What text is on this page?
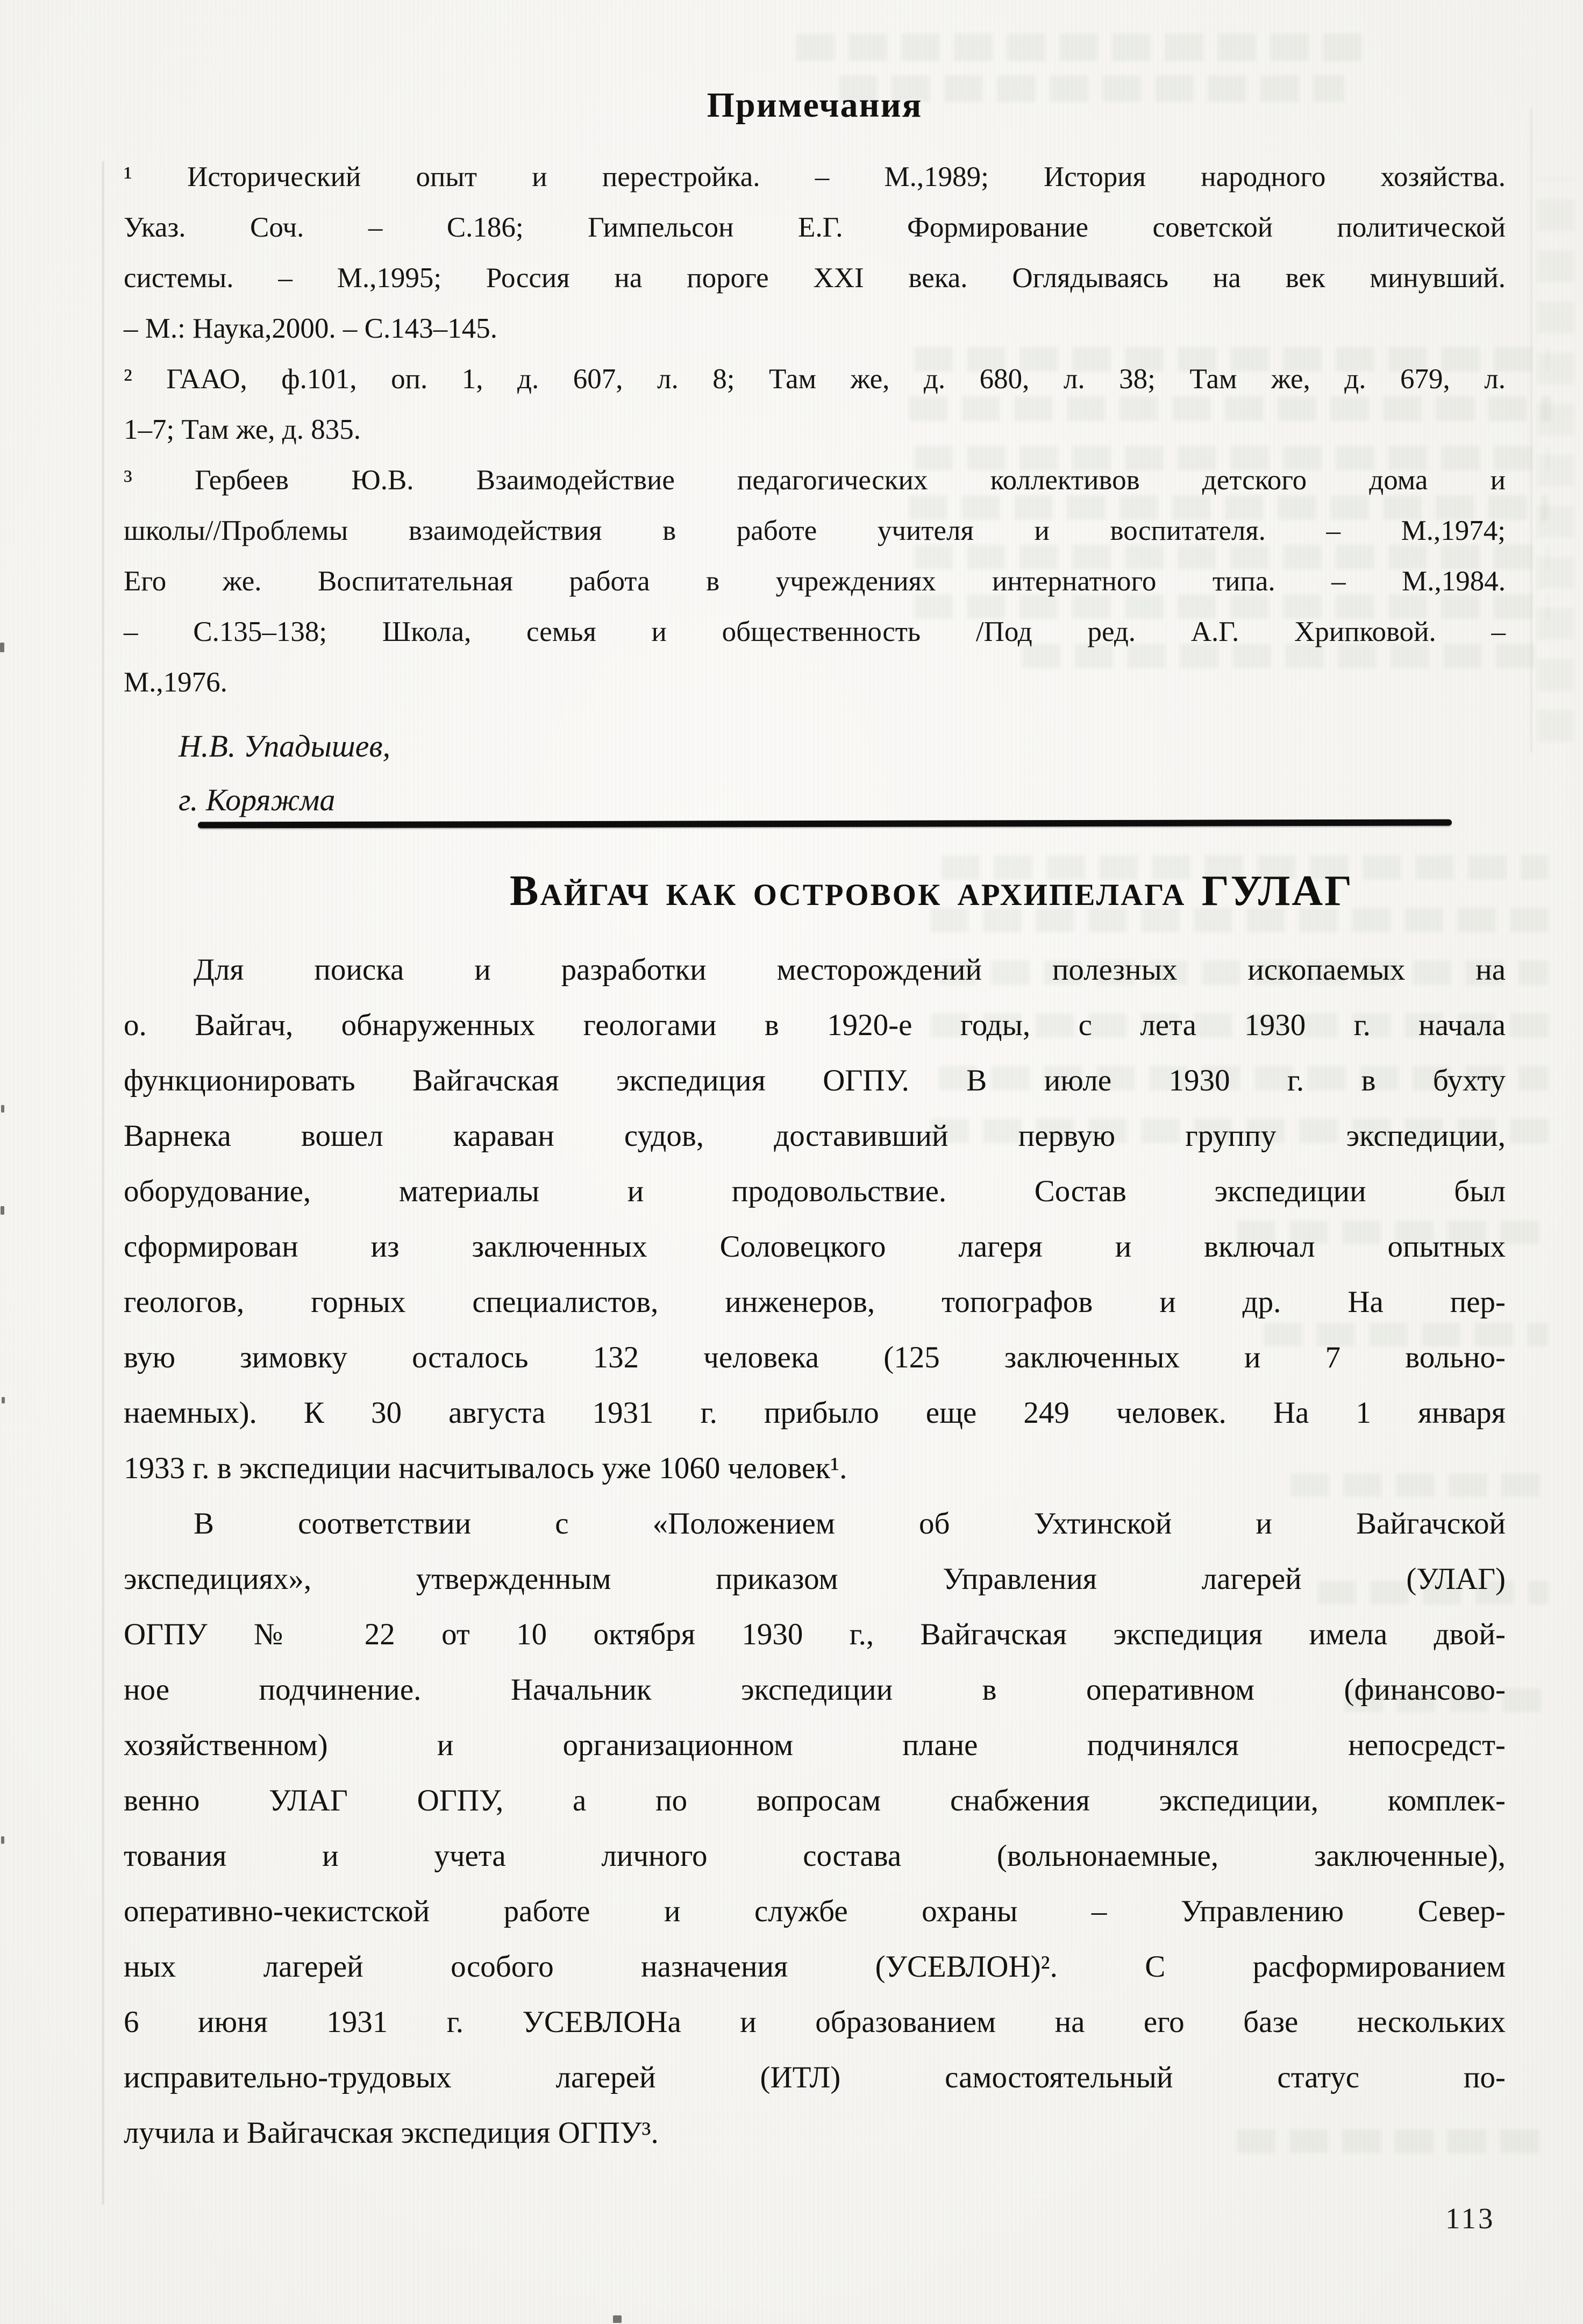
Примечания
¹ Исторический опыт и перестройка. – М.,1989; История народного хозяйства.
Указ. Соч. – С.186; Гимпельсон Е.Г. Формирование советской политической
системы. – М.,1995; Россия на пороге XXI века. Оглядываясь на век минувший.
– М.: Наука,2000. – С.143–145.
² ГААО, ф.101, оп. 1, д. 607, л. 8; Там же, д. 680, л. 38; Там же, д. 679, л.
1–7; Там же, д. 835.
³ Гербеев Ю.В. Взаимодействие педагогических коллективов детского дома и
школы//Проблемы взаимодействия в работе учителя и воспитателя. – М.,1974;
Его же. Воспитательная работа в учреждениях интернатного типа. – М.,1984.
– С.135–138; Школа, семья и общественность /Под ред. А.Г. Хрипковой. –
М.,1976.
Н.В. Упадышев,
г. Коряжма
ВАЙГАЧ КАК ОСТРОВОК АРХИПЕЛАГА ГУЛАГ
Для поиска и разработки месторождений полезных ископаемых на
о. Вайгач, обнаруженных геологами в 1920-е годы, с лета 1930 г. начала
функционировать Вайгачская экспедиция ОГПУ. В июле 1930 г. в бухту
Варнека вошел караван судов, доставивший первую группу экспедиции,
оборудование, материалы и продовольствие. Состав экспедиции был
сформирован из заключенных Соловецкого лагеря и включал опытных
геологов, горных специалистов, инженеров, топографов и др. На пер-
вую зимовку осталось 132 человека (125 заключенных и 7 вольно-
наемных). К 30 августа 1931 г. прибыло еще 249 человек. На 1 января
1933 г. в экспедиции насчитывалось уже 1060 человек¹.
В соответствии с «Положением об Ухтинской и Вайгачской
экспедициях», утвержденным приказом Управления лагерей (УЛАГ)
ОГПУ № 22 от 10 октября 1930 г., Вайгачская экспедиция имела двой-
ное подчинение. Начальник экспедиции в оперативном (финансово-
хозяйственном) и организационном плане подчинялся непосредст-
венно УЛАГ ОГПУ, а по вопросам снабжения экспедиции, комплек-
тования и учета личного состава (вольнонаемные, заключенные),
оперативно-чекистской работе и службе охраны – Управлению Север-
ных лагерей особого назначения (УСЕВЛОН)². С расформированием
6 июня 1931 г. УСЕВЛОНа и образованием на его базе нескольких
исправительно-трудовых лагерей (ИТЛ) самостоятельный статус по-
лучила и Вайгачская экспедиция ОГПУ³.
113
